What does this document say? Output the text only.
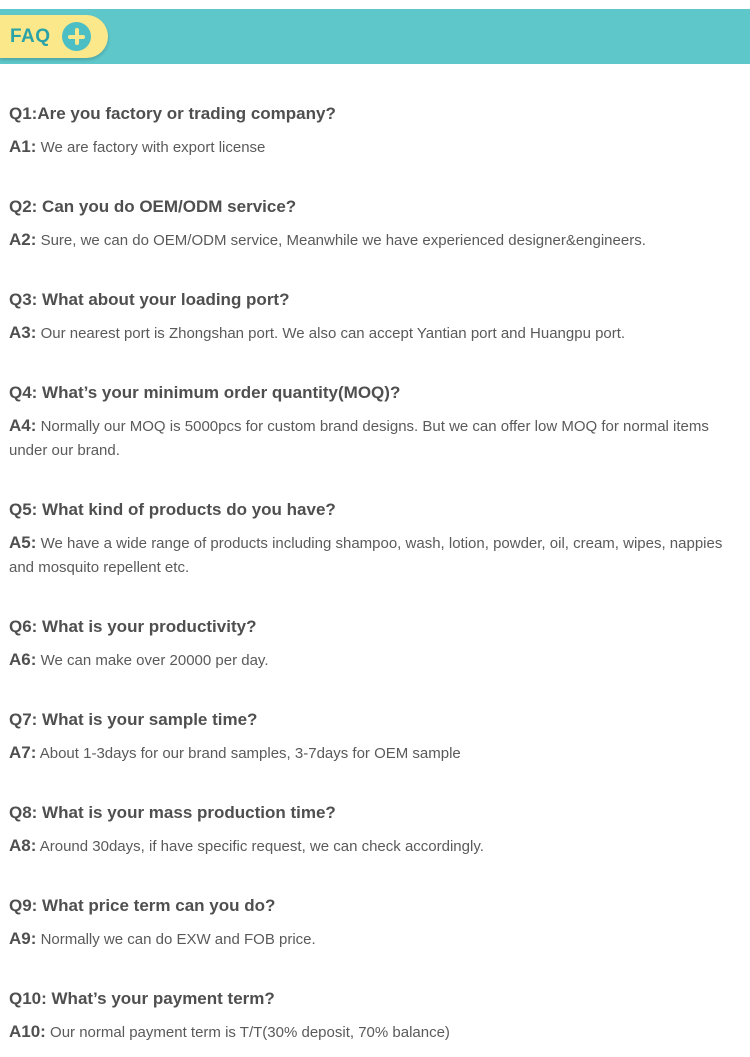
FAQ

Q1:Are you factory or trading company?

A1: We are factory with export license

Q2: Can you do OEM/ODM service?

A2: Sure, we can do OEM/ODM service, Meanwhile we have experienced designer&engineers.

Q3: What about your loading port?

A3: Our nearest port is Zhongshan port. We also can accept Yantian port and Huangpu port.

Q4: What’s your minimum order quantity(MOQ)?

A4: Normally our MOQ is 5000pcs for custom brand designs. But we can offer low MOQ for normal items under our brand.

Q5: What kind of products do you have?

A5: We have a wide range of products including shampoo, wash, lotion, powder, oil, cream, wipes, nappies and mosquito repellent etc.

Q6: What is your productivity?

A6: We can make over 20000 per day.

Q7: What is your sample time?

A7: About 1-3days for our brand samples, 3-7days for OEM sample

Q8: What is your mass production time?

A8: Around 30days, if have specific request, we can check accordingly.

Q9: What price term can you do?

A9: Normally we can do EXW and FOB price.

Q10: What’s your payment term?

A10: Our normal payment term is T/T(30% deposit, 70% balance)
